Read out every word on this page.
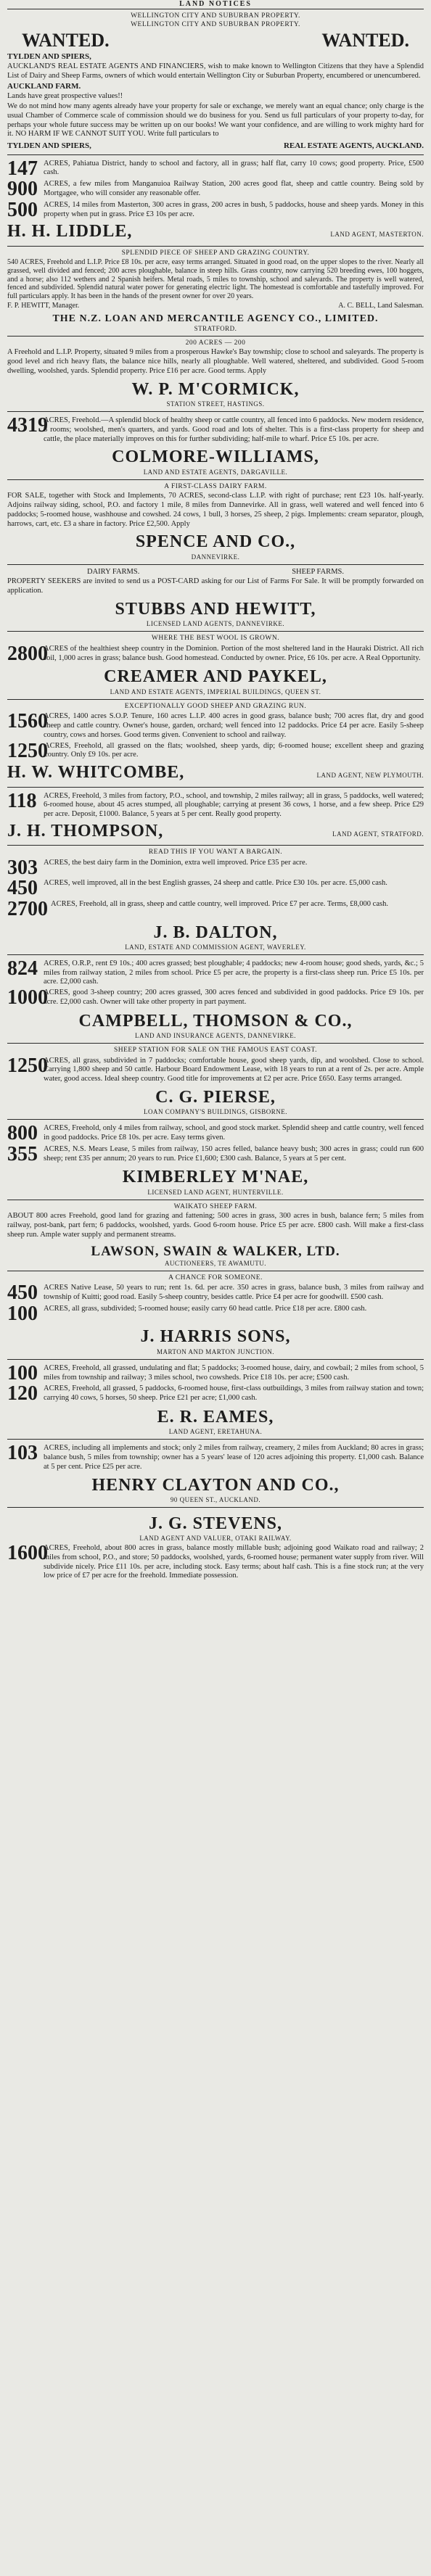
LAND NOTICES
WELLINGTON CITY AND SUBURBAN PROPERTY.
WELLINGTON CITY AND SUBURBAN PROPERTY.
WANTED.	WANTED.
TYLDEN AND SPIERS,

AUCKLAND'S REAL ESTATE AGENTS AND FINANCIERS, wish to make known to Wellington Citizens that they have a Splendid List of Dairy and Sheep Farms, owners of which would entertain Wellington City or Suburban Property, encumbered or unencumbered.

AUCKLAND FARM.

Lands have great prospective values!!

We do not mind how many agents already have your property for sale or exchange, we merely want an equal chance; only charge is the usual Chamber of Commerce scale of commission should we do business for you. Send us full particulars of your property to-day, for perhaps your whole future success may be written up on our books! We want your confidence, and are willing to work mighty hard for it. NO HARM IF WE CANNOT SUIT YOU. Write full particulars to

TYLDEN AND SPIERS,	REAL ESTATE AGENTS, AUCKLAND.
147 ACRES, Pahiatua District, handy to school and factory, all in grass; half flat, carry 10 cows; good property. Price, £500 cash.
900 ACRES, a few miles from Manganuioa Railway Station, 200 acres good flat, sheep and cattle country. Being sold by Mortgagee, who will consider any reasonable offer.
500 ACRES, 14 miles from Masterton, 300 acres in grass, 200 acres in bush, 5 paddocks, house and sheep yards. Money in this property when put in grass. Price £3 10s per acre.
H. H. LIDDLE,	LAND AGENT, MASTERTON.
SPLENDID PIECE OF SHEEP AND GRAZING COUNTRY.

540 ACRES, Freehold and L.I.P. Price £8 10s. per acre, easy terms arranged. Situated in good road, on the upper slopes to the river. Nearly all grassed, well divided and fenced; 200 acres ploughable, balance in steep hills. Grass country, now carrying 520 breeding ewes, 100 hoggets, and a horse; also 112 wethers and 2 Spanish heifers. Metal roads, 5 miles to township, school and saleyards. The property is well watered, fenced and subdivided. Splendid natural water power for generating electric light. The homestead is comfortable and tastefully improved. For full particulars apply. It has been in the hands of the present owner for over 20 years.

F. P. HEWITT, Manager.	A. C. BELL, Land Salesman.
THE N.Z. LOAN AND MERCANTILE AGENCY CO., LIMITED.
STRATFORD.
200 ACRES — 200

A Freehold and L.I.P. Property, situated 9 miles from a prosperous Hawke's Bay township; close to school and saleyards. The property is good level and rich heavy flats, the balance nice hills, nearly all ploughable. Well watered, sheltered, and subdivided. Good 5-room dwelling, woolshed, yards. Splendid property. Price £16 per acre. Good terms. Apply

W. P. M'CORMICK,
STATION STREET, HASTINGS.
4319
ACRES, Freehold.—A splendid block of healthy sheep or cattle country, all fenced into 6 paddocks. New modern residence, 8 rooms; woolshed, men's quarters, and yards. Good road and lots of shelter. This is a first-class property for sheep and cattle, the place materially improves on this for further subdividing; half-mile to wharf. Price £5 10s. per acre.
COLMORE-WILLIAMS,
LAND AND ESTATE AGENTS, DARGAVILLE.
A FIRST-CLASS DAIRY FARM.

FOR SALE, together with Stock and Implements, 70 ACRES, second-class L.I.P. with right of purchase; rent £23 10s. half-yearly. Adjoins railway siding, school, P.O. and factory 1 mile, 8 miles from Dannevirke. All in grass, well watered and well fenced into 6 paddocks; 5-roomed house, washhouse and cowshed. 24 cows, 1 bull, 3 horses, 25 sheep, 2 pigs. Implements: cream separator, plough, harrows, cart, etc. £3 a share in factory. Price £2,500. Apply

SPENCE AND CO.,
DANNEVIRKE.
DAIRY FARMS.	SHEEP FARMS.

PROPERTY SEEKERS are invited to send us a POST-CARD asking for our List of Farms For Sale. It will be promptly forwarded on application.

STUBBS AND HEWITT,
LICENSED LAND AGENTS, DANNEVIRKE.
WHERE THE BEST WOOL IS GROWN.
2800
ACRES of the healthiest sheep country in the Dominion. Portion of the most sheltered land in the Hauraki District. All rich soil, 1,000 acres in grass; balance bush. Good homestead. Conducted by owner. Price, £6 10s. per acre. A Real Opportunity.
CREAMER AND PAYKEL,
LAND AND ESTATE AGENTS, IMPERIAL BUILDINGS, QUEEN ST.
EXCEPTIONALLY GOOD SHEEP AND GRAZING RUN.
1560
ACRES, 1400 acres S.O.P. Tenure, 160 acres L.I.P. 400 acres in good grass, balance bush; 700 acres flat, dry and good sheep and cattle country. Owner's house, garden, orchard; well fenced into 12 paddocks. Price £4 per acre. Easily 5-sheep country, cows and horses. Good terms given. Convenient to school and railway.
1250
ACRES, Freehold, all grassed on the flats; woolshed, sheep yards, dip; 6-roomed house; excellent sheep and grazing country. Only £9 10s. per acre.
H. W. WHITCOMBE,	LAND AGENT, NEW PLYMOUTH.
118 ACRES, Freehold, 3 miles from factory, P.O., school, and township, 2 miles railway; all in grass, 5 paddocks, well watered; 6-roomed house, about 45 acres stumped, all ploughable; carrying at present 36 cows, 1 horse, and a few sheep. Price £29 per acre. Deposit, £1000. Balance, 5 years at 5 per cent. Really good property.
J. H. THOMPSON,	LAND AGENT, STRATFORD.
READ THIS IF YOU WANT A BARGAIN.
303 ACRES, the best dairy farm in the Dominion, extra well improved. Price £35 per acre.
450 ACRES, well improved, all in the best English grasses, 24 sheep and cattle. Price £30 10s. per acre. £5,000 cash.
2700 ACRES, Freehold, all in grass, sheep and cattle country, well improved. Price £7 per acre. Terms, £8,000 cash.
J. B. DALTON,
LAND, ESTATE AND COMMISSION AGENT, WAVERLEY.
824 ACRES, O.R.P., rent £9 10s.; 400 acres grassed; best ploughable; 4 paddocks; new 4-room house; good sheds, yards, &c.; 5 miles from railway station, 2 miles from school. Price £5 per acre, the property is a first-class sheep run. Price £5 10s. per acre. £2,000 cash.
1000
ACRES, good 3-sheep country; 200 acres grassed, 300 acres fenced and subdivided in good paddocks. Price £9 10s. per acre. £2,000 cash. Owner will take other property in part payment.
CAMPBELL, THOMSON & CO.,
LAND AND INSURANCE AGENTS, DANNEVIRKE.
SHEEP STATION FOR SALE ON THE FAMOUS EAST COAST.
1250
ACRES, all grass, subdivided in 7 paddocks; comfortable house, good sheep yards, dip, and woolshed. Close to school. Carrying 1,800 sheep and 50 cattle. Harbour Board Endowment Lease, with 18 years to run at a rent of 2s. per acre. Ample water, good access. Ideal sheep country. Good title for improvements at £2 per acre. Price £650. Easy terms arranged.
C. G. PIERSE,
LOAN COMPANY'S BUILDINGS, GISBORNE.
800 ACRES, Freehold, only 4 miles from railway, school, and good stock market. Splendid sheep and cattle country, well fenced in good paddocks. Price £8 10s. per acre. Easy terms given.
355 ACRES, N.S. Mears Lease, 5 miles from railway, 150 acres felled, balance heavy bush; 300 acres in grass; could run 600 sheep; rent £35 per annum; 20 years to run. Price £1,600; £300 cash. Balance, 5 years at 5 per cent.
KIMBERLEY M'NAE,
LICENSED LAND AGENT, HUNTERVILLE.
WAIKATO SHEEP FARM.

ABOUT 800 acres Freehold, good land for grazing and fattening; 500 acres in grass, 300 acres in bush, balance fern; 5 miles from railway, post-bank, part fern; 6 paddocks, woolshed, yards. Good 6-room house. Price £5 per acre. £800 cash. Will make a first-class sheep run. Ample water supply and permanent streams.

LAWSON, SWAIN & WALKER, LTD.
AUCTIONEERS, TE AWAMUTU.
A CHANCE FOR SOMEONE.
450 ACRES Native Lease, 50 years to run; rent 1s. 6d. per acre. 350 acres in grass, balance bush, 3 miles from railway and township of Kuitti; good road. Easily 5-sheep country, besides cattle. Price £4 per acre for goodwill. £500 cash.
100 ACRES, all grass, subdivided; 5-roomed house; easily carry 60 head cattle. Price £18 per acre. £800 cash.
J. HARRIS SONS,
MARTON AND MARTON JUNCTION.
100 ACRES, Freehold, all grassed, undulating and flat; 5 paddocks; 3-roomed house, dairy, and cowbail; 2 miles from school, 5 miles from township and railway; 3 miles school, two cowsheds. Price £18 10s. per acre; £500 cash.
120 ACRES, Freehold, all grassed, 5 paddocks, 6-roomed house, first-class outbuildings, 3 miles from railway station and town; carrying 40 cows, 5 horses, 50 sheep. Price £21 per acre; £1,000 cash.
E. R. EAMES,
LAND AGENT, ERETAHUNA.
103 ACRES, including all implements and stock; only 2 miles from railway, creamery, 2 miles from Auckland; 80 acres in grass; balance bush, 5 miles from township; owner has a 5 years' lease of 120 acres adjoining this property. £1,000 cash. Balance at 5 per cent. Price £25 per acre.
HENRY CLAYTON AND CO.,
90 QUEEN ST., AUCKLAND.
J. G. STEVENS,
LAND AGENT AND VALUER, OTAKI RAILWAY.
1600
ACRES, Freehold, about 800 acres in grass, balance mostly millable bush; adjoining good Waikato road and railway; 2 miles from school, P.O., and store; 50 paddocks, woolshed, yards, 6-roomed house; permanent water supply from river. Will subdivide nicely. Price £11 10s. per acre, including stock. Easy terms; about half cash. This is a fine stock run; at the very low price of £7 per acre for the freehold. Immediate possession.
